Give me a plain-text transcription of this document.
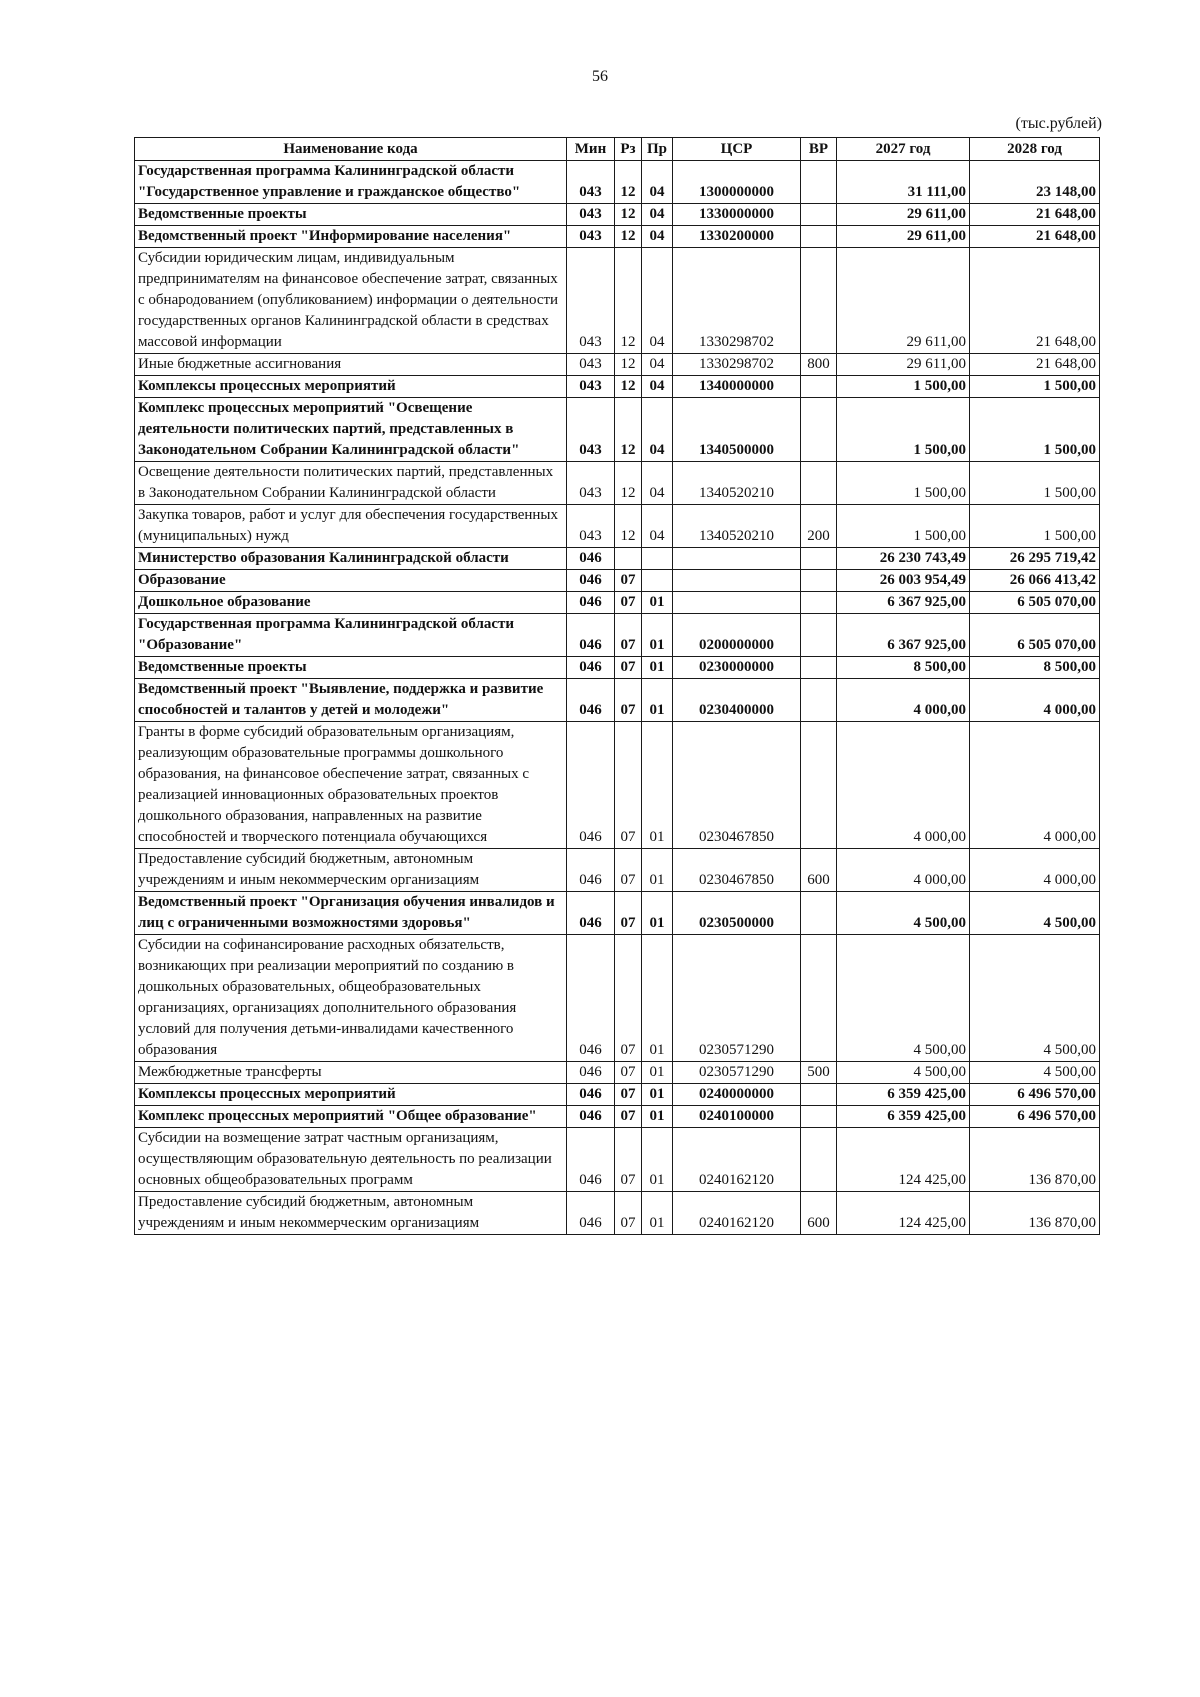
56
(тыс.рублей)
Наименование кода	Мин	Рз	Пр	ЦСР	ВР	2027 год	2028 год
Государственная программа Калининградской области "Государственное управление и гражданское общество"	043	12	04	1300000000		31 111,00	23 148,00
Ведомственные проекты	043	12	04	1330000000		29 611,00	21 648,00
Ведомственный проект "Информирование населения"	043	12	04	1330200000		29 611,00	21 648,00
Субсидии юридическим лицам, индивидуальным предпринимателям на финансовое обеспечение затрат, связанных с обнародованием (опубликованием) информации о деятельности государственных органов Калининградской области в средствах массовой информации	043	12	04	1330298702		29 611,00	21 648,00
Иные бюджетные ассигнования	043	12	04	1330298702	800	29 611,00	21 648,00
Комплексы процессных мероприятий	043	12	04	1340000000		1 500,00	1 500,00
Комплекс процессных мероприятий "Освещение деятельности политических партий, представленных в Законодательном Собрании Калининградской области"	043	12	04	1340500000		1 500,00	1 500,00
Освещение деятельности политических партий, представленных в Законодательном Собрании Калининградской области	043	12	04	1340520210		1 500,00	1 500,00
Закупка товаров, работ и услуг для обеспечения государственных (муниципальных) нужд	043	12	04	1340520210	200	1 500,00	1 500,00
Министерство образования Калининградской области	046					26 230 743,49	26 295 719,42
Образование	046	07				26 003 954,49	26 066 413,42
Дошкольное образование	046	07	01			6 367 925,00	6 505 070,00
Государственная программа Калининградской области "Образование"	046	07	01	0200000000		6 367 925,00	6 505 070,00
Ведомственные проекты	046	07	01	0230000000		8 500,00	8 500,00
Ведомственный проект "Выявление, поддержка и развитие способностей и талантов у детей и молодежи"	046	07	01	0230400000		4 000,00	4 000,00
Гранты в форме субсидий образовательным организациям, реализующим образовательные программы дошкольного образования, на финансовое обеспечение затрат, связанных с реализацией инновационных образовательных проектов дошкольного образования, направленных на развитие способностей и творческого потенциала обучающихся	046	07	01	0230467850		4 000,00	4 000,00
Предоставление субсидий бюджетным, автономным учреждениям и иным некоммерческим организациям	046	07	01	0230467850	600	4 000,00	4 000,00
Ведомственный проект "Организация обучения инвалидов и лиц с ограниченными возможностями здоровья"	046	07	01	0230500000		4 500,00	4 500,00
Субсидии на софинансирование расходных обязательств, возникающих при реализации мероприятий по созданию в дошкольных образовательных, общеобразовательных организациях, организациях дополнительного образования условий для получения детьми-инвалидами качественного образования	046	07	01	0230571290		4 500,00	4 500,00
Межбюджетные трансферты	046	07	01	0230571290	500	4 500,00	4 500,00
Комплексы процессных мероприятий	046	07	01	0240000000		6 359 425,00	6 496 570,00
Комплекс процессных мероприятий "Общее образование"	046	07	01	0240100000		6 359 425,00	6 496 570,00
Субсидии на возмещение затрат частным организациям, осуществляющим образовательную деятельность по реализации основных общеобразовательных программ	046	07	01	0240162120		124 425,00	136 870,00
Предоставление субсидий бюджетным, автономным учреждениям и иным некоммерческим организациям	046	07	01	0240162120	600	124 425,00	136 870,00
